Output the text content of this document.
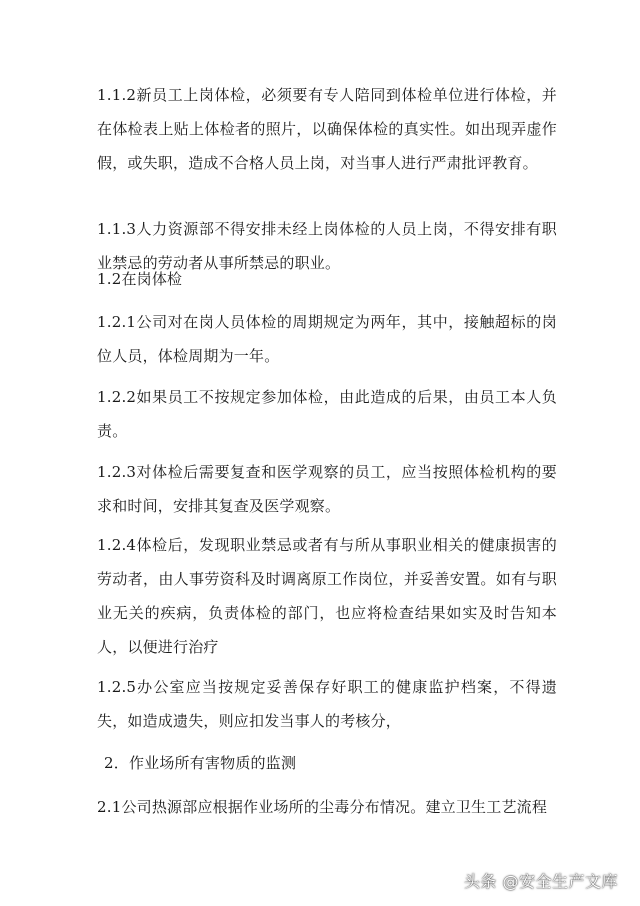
1.1.2新员工上岗体检，必须要有专人陪同到体检单位进行体检，并在体检表上贴上体检者的照片，以确保体检的真实性。如出现弄虚作假，或失职，造成不合格人员上岗，对当事人进行严肃批评教育。

1.1.3人力资源部不得安排未经上岗体检的人员上岗，不得安排有职业禁忌的劳动者从事所禁忌的职业。

1.2在岗体检

1.2.1公司对在岗人员体检的周期规定为两年，其中，接触超标的岗位人员，体检周期为一年。

1.2.2如果员工不按规定参加体检，由此造成的后果，由员工本人负责。

1.2.3对体检后需要复查和医学观察的员工，应当按照体检机构的要求和时间，安排其复查及医学观察。

1.2.4体检后，发现职业禁忌或者有与所从事职业相关的健康损害的劳动者，由人事劳资科及时调离原工作岗位，并妥善安置。如有与职业无关的疾病，负责体检的部门，也应将检查结果如实及时告知本人，以便进行治疗

1.2.5办公室应当按规定妥善保存好职工的健康监护档案，不得遗失，如造成遗失，则应扣发当事人的考核分，

2．作业场所有害物质的监测

2.1公司热源部应根据作业场所的尘毒分布情况。建立卫生工艺流程

头条 @安全生产文库
